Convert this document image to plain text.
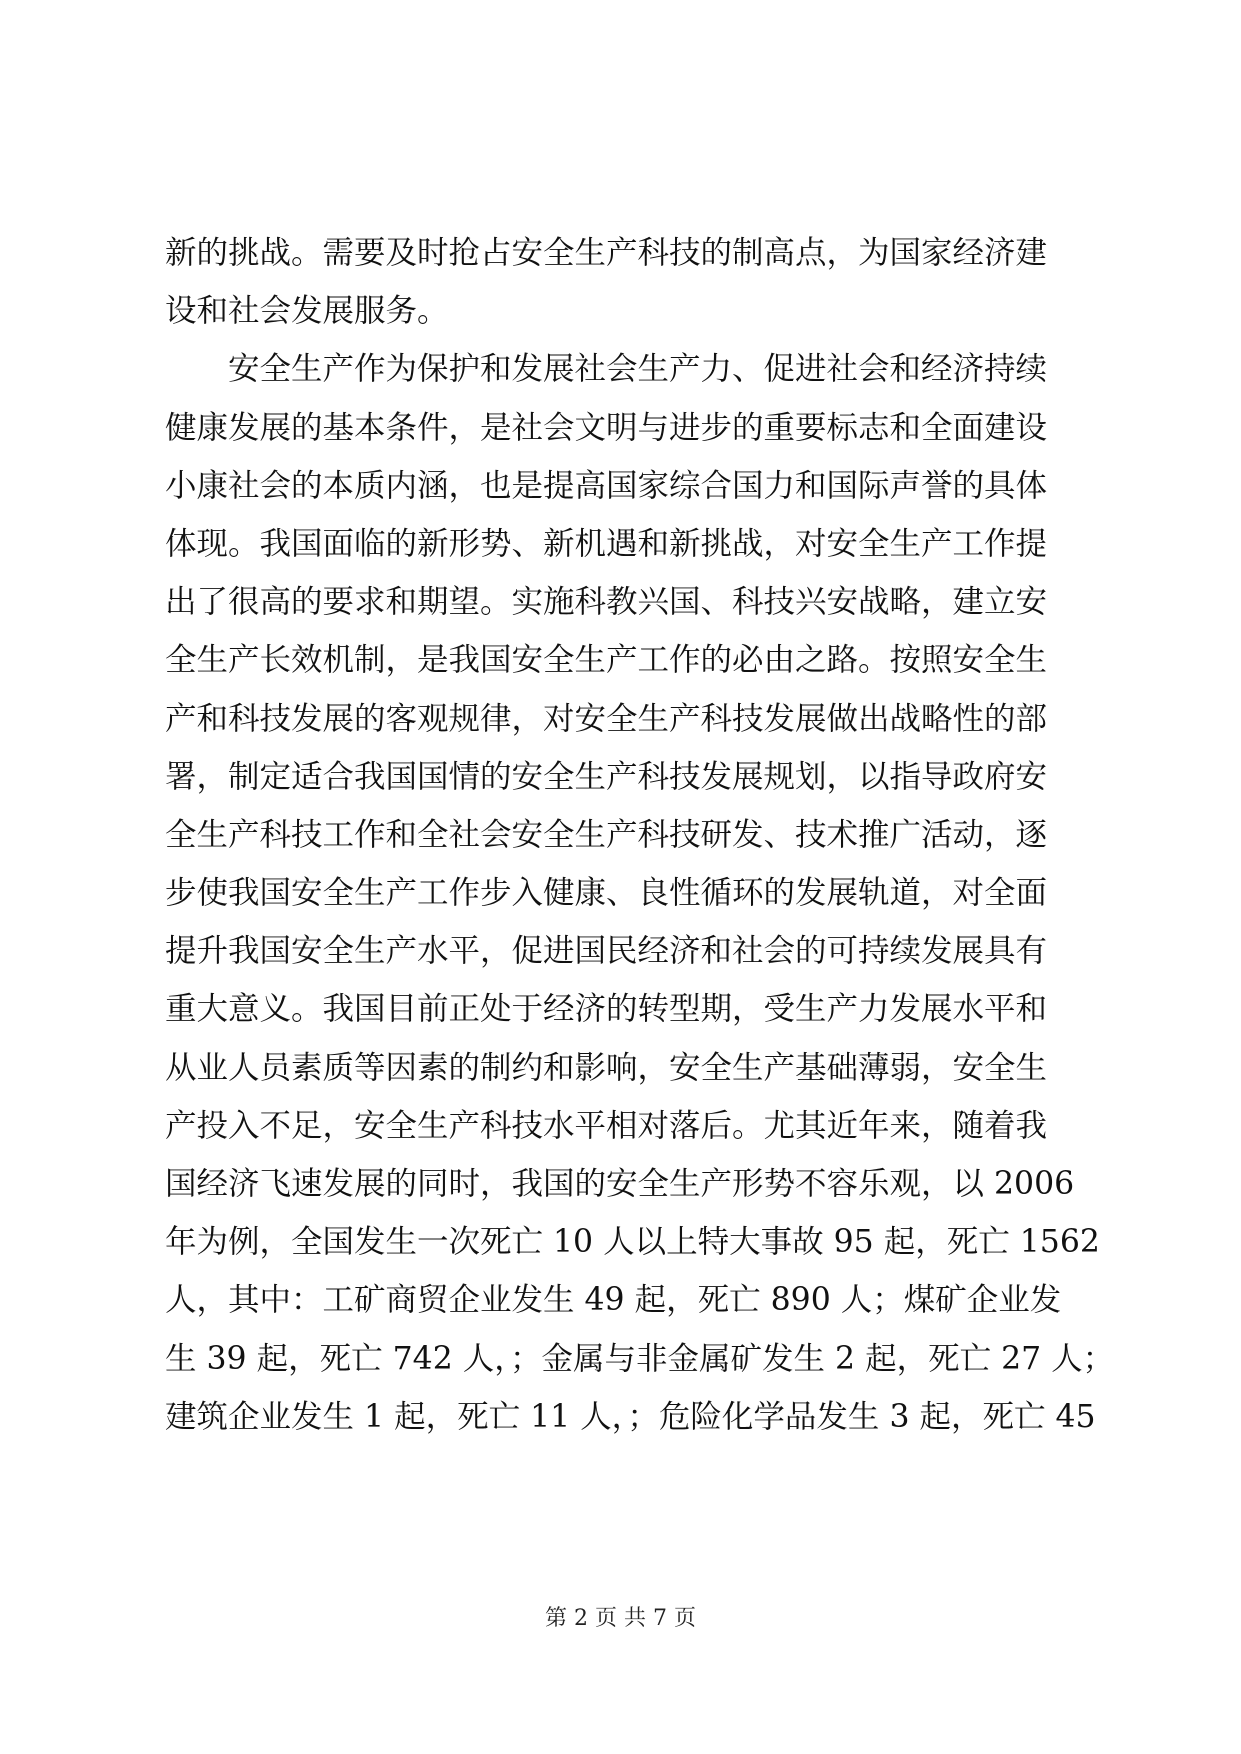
新的挑战。需要及时抢占安全生产科技的制高点，为国家经济建
设和社会发展服务。
安全生产作为保护和发展社会生产力、促进社会和经济持续
健康发展的基本条件，是社会文明与进步的重要标志和全面建设
小康社会的本质内涵，也是提高国家综合国力和国际声誉的具体
体现。我国面临的新形势、新机遇和新挑战，对安全生产工作提
出了很高的要求和期望。实施科教兴国、科技兴安战略，建立安
全生产长效机制，是我国安全生产工作的必由之路。按照安全生
产和科技发展的客观规律，对安全生产科技发展做出战略性的部
署，制定适合我国国情的安全生产科技发展规划，以指导政府安
全生产科技工作和全社会安全生产科技研发、技术推广活动，逐
步使我国安全生产工作步入健康、良性循环的发展轨道，对全面
提升我国安全生产水平，促进国民经济和社会的可持续发展具有
重大意义。我国目前正处于经济的转型期，受生产力发展水平和
从业人员素质等因素的制约和影响，安全生产基础薄弱，安全生
产投入不足，安全生产科技水平相对落后。尤其近年来，随着我
国经济飞速发展的同时，我国的安全生产形势不容乐观，以 2006
年为例，全国发生一次死亡 10 人以上特大事故 95 起，死亡 1562
人，其中：工矿商贸企业发生 49 起，死亡 890 人；煤矿企业发
生 39 起，死亡 742 人，；金属与非金属矿发生 2 起，死亡 27 人；
建筑企业发生 1 起，死亡 11 人，；危险化学品发生 3 起，死亡 45
第 2 页 共 7 页
